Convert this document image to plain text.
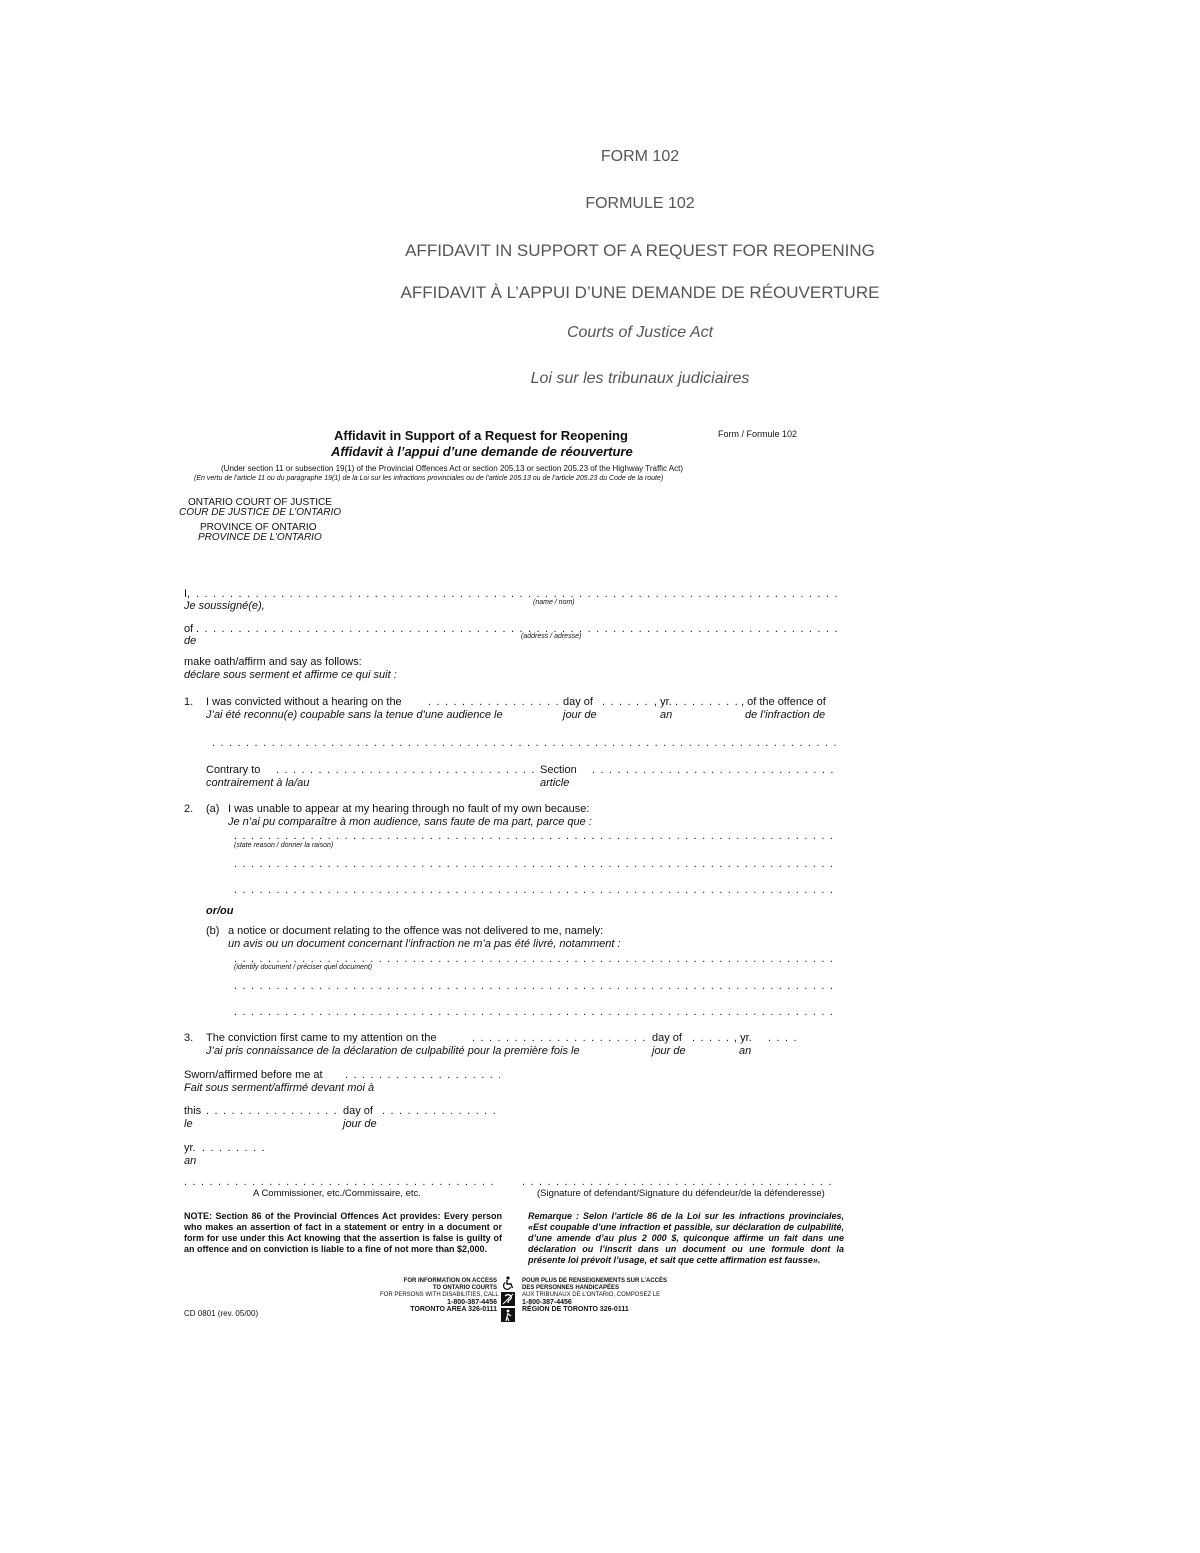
FORM 102
FORMULE 102
AFFIDAVIT IN SUPPORT OF A REQUEST FOR REOPENING
AFFIDAVIT À L’APPUI D’UNE DEMANDE DE RÉOUVERTURE
Courts of Justice Act
Loi sur les tribunaux judiciaires
Affidavit in Support of a Request for Reopening
Affidavit à l’appui d’une demande de réouverture
Form / Formule 102
(Under section 11 or subsection 19(1) of the Provincial Offences Act or section 205.13 or section 205.23 of the Highway Traffic Act)
(En vertu de l’article 11 ou du paragraphe 19(1) de la Loi sur les infractions provinciales ou de l’article 205.13 ou de l’article 205.23 du Code de la route)
ONTARIO COURT OF JUSTICE
COUR DE JUSTICE DE L’ONTARIO
PROVINCE OF ONTARIO
PROVINCE DE L’ONTARIO
I,
. . .
Je soussigné(e),	(name / nom)
of
. . .
de	(address / adresse)
make oath/affirm and say as follows:
déclare sous serment et affirme ce qui suit :
1. I was convicted without a hearing on the . . .	day of . . .	, yr. . . .	, of the offence of
J’ai été reconnu(e) coupable sans la tenue d’une audience le	jour de	an	de l’infraction de
. . .
Contrary to . . .	Section
. . .
contrairement à la/au	article
2. (a) I was unable to appear at my hearing through no fault of my own because:
Je n’ai pu comparaître à mon audience, sans faute de ma part, parce que :
. . .
(state reason / donner la raison)
. . .
. . .
or/ou
(b) a notice or document relating to the offence was not delivered to me, namely:
un avis ou un document concernant l’infraction ne m’a pas été livré, notamment :
. . .
(identify document / préciser quel document)
. . .
. . .
3. The conviction first came to my attention on the . . .	day of . . .	, yr.
. . .
J’ai pris connaissance de la déclaration de culpabilité pour la première fois le	jour de	an
Sworn/affirmed before me at
. . .
Fait sous serment/affirmé devant moi à
this . . .	day of
. . .
le	jour de
yr.
. . .
an
. . .
A Commissioner, etc./Commissaire, etc.
. . .	(Signature of defendant/Signature du défendeur/de la défenderesse)
NOTE: Section 86 of the Provincial Offences Act provides: Every person who makes an assertion of fact in a statement or entry in a document or form for use under this Act knowing that the assertion is false is guilty of an offence and on conviction is liable to a fine of not more than $2,000.
Remarque : Selon l’article 86 de la Loi sur les infractions provinciales, «Est coupable d’une infraction et passible, sur déclaration de culpabilité, d’une amende d’au plus 2 000 $, quiconque affirme un fait dans une déclaration ou l’inscrit dans un document ou une formule dont la présente loi prévoit l’usage, et sait que cette affirmation est fausse».
FOR INFORMATION ON ACCESS
TO ONTARIO COURTS
FOR PERSONS WITH DISABILITIES, CALL
1-800-387-4456
TORONTO AREA 326-0111
POUR PLUS DE RENSEIGNEMENTS SUR L’ACCÈS
DES PERSONNES HANDICAPÉES
AUX TRIBUNAUX DE L’ONTARIO, COMPOSEZ LE
1-800-387-4456
RÉGION DE TORONTO 326-0111
CD 0801 (rev. 05/00)
